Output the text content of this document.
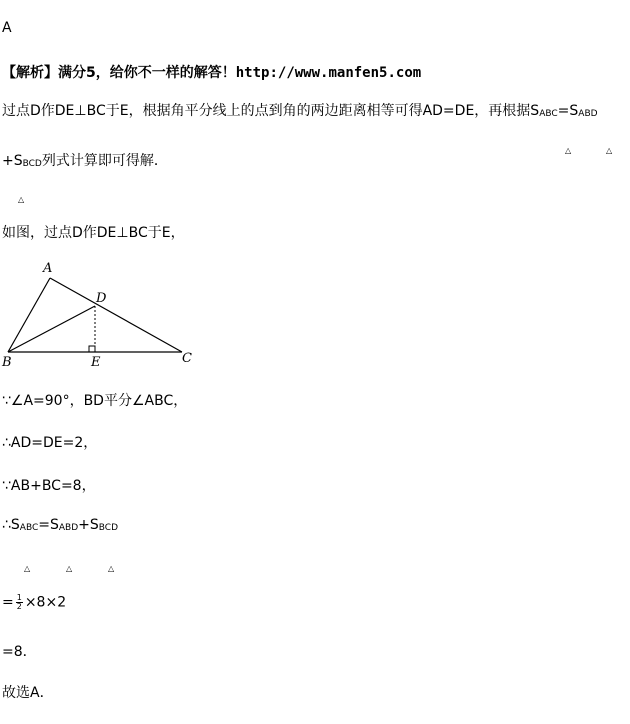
A
【解析】满分5，给你不一样的解答！http://www.manfen5.com
过点D作DE⊥BC于E，根据角平分线上的点到角的两边距离相等可得AD=DE，再根据SABC=SABD
△	△
+SBCD列式计算即可得解．
△
如图，过点D作DE⊥BC于E，
A
B	C
D
E
∵∠A=90°，BD平分∠ABC，
∴AD=DE=2，
∵AB+BC=8，
∴SABC=SABD+SBCD
△	△	△
= $\frac{1}{2} \times 8\times 2$
=8．
故选A．
